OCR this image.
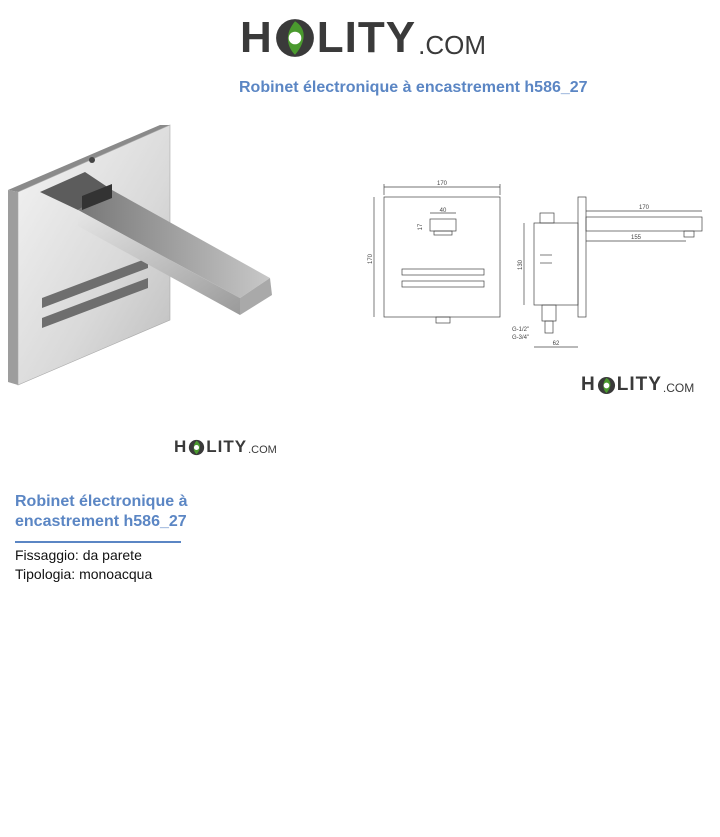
H LITY .COM
Robinet électronique à encastrement h586_27
170
170
40
17
170
155
130
G-1/2"
G-3/4"
62
H LITY .COM
H LITY .COM
Robinet électronique à encastrement h586_27
Fissaggio: da parete
Tipologia: monoacqua
